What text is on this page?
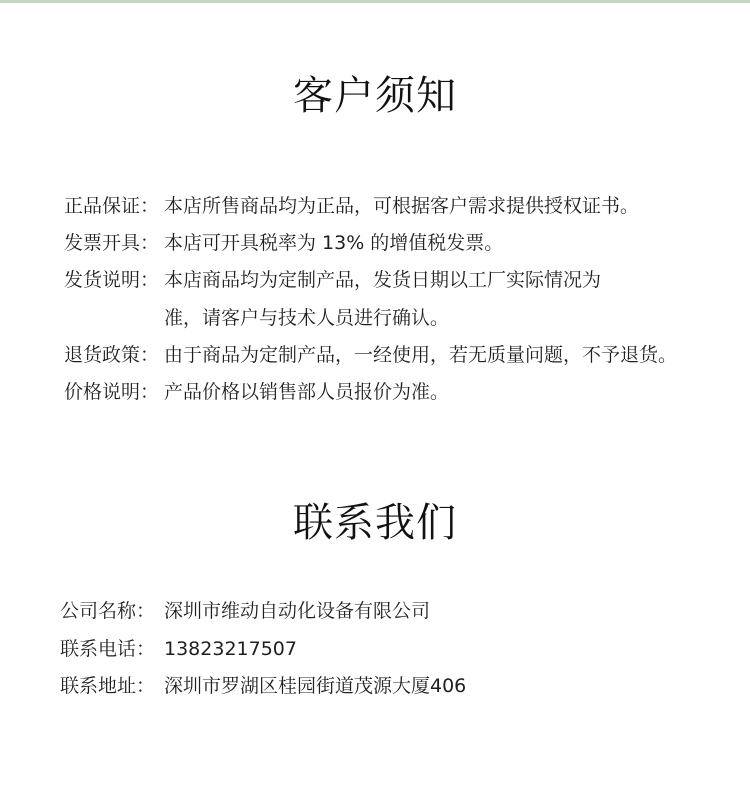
客户须知
正品保证： 本店所售商品均为正品，可根据客户需求提供授权证书。
发票开具： 本店可开具税率为 13% 的增值税发票。
发货说明： 本店商品均为定制产品，发货日期以工厂实际情况为
准，请客户与技术人员进行确认。
退货政策： 由于商品为定制产品，一经使用，若无质量问题，不予退货。
价格说明： 产品价格以销售部人员报价为准。
联系我们
公司名称： 深圳市维动自动化设备有限公司
联系电话： 13823217507
联系地址： 深圳市罗湖区桂园街道茂源大厦406
